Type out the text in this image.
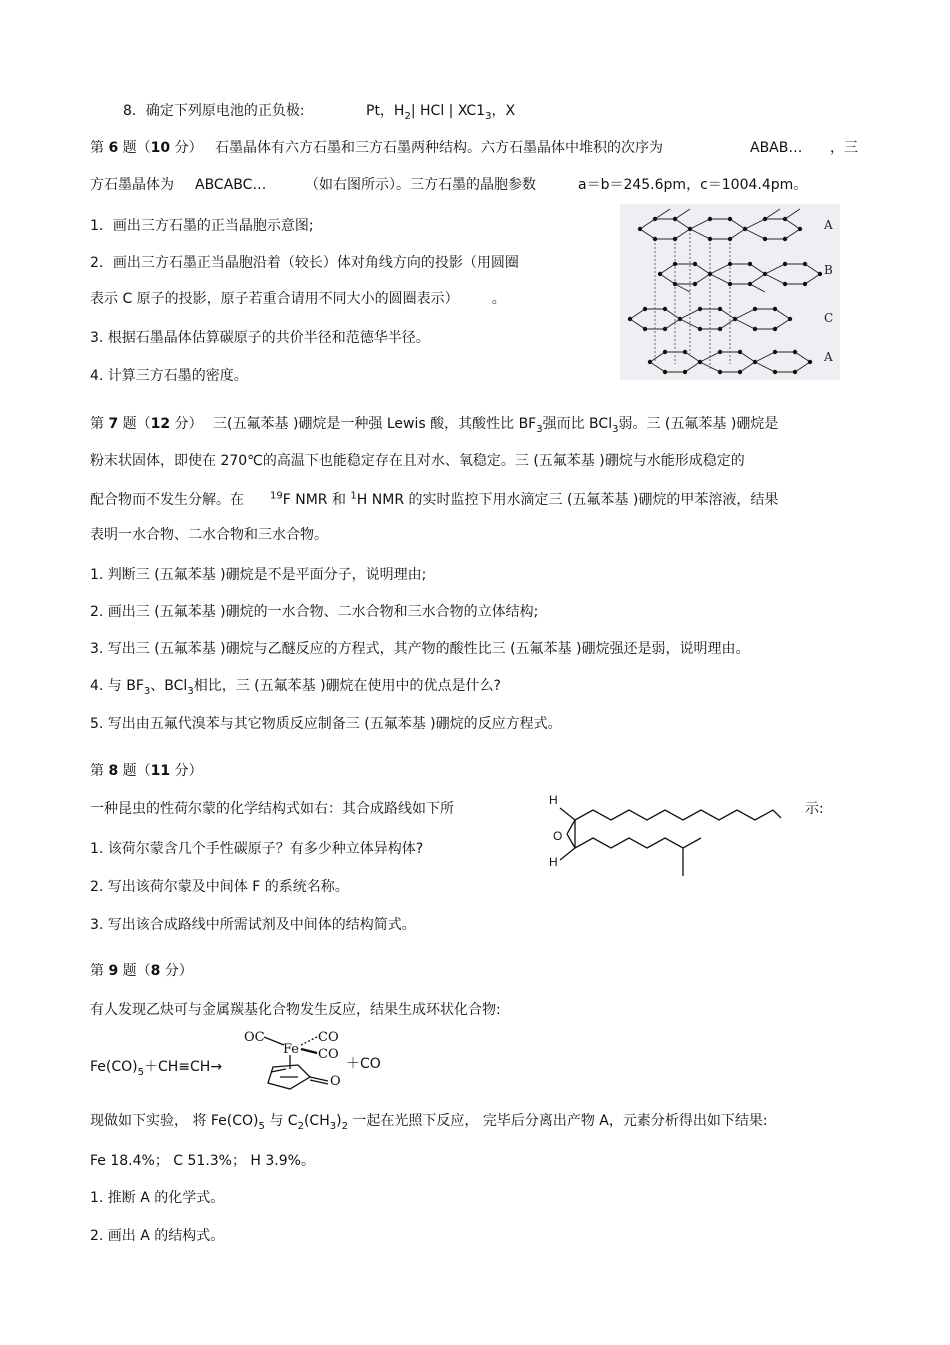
8．确定下列原电池的正负极:	Pt，$H_2|$ HCl | $XC1_3$，X
第 6 题（10 分） 石墨晶体有六方石墨和三方石墨两种结构。六方石墨晶体中堆积的次序为	ABAB… ，三
方石墨晶体为 ABCABC…	（如右图所示）。三方石墨的晶胞参数	a＝b＝245.6pm，c＝1004.4pm。
1．画出三方石墨的正当晶胞示意图;
2．画出三方石墨正当晶胞沿着（较长）体对角线方向的投影（用圆圈
表示 C 原子的投影，原子若重合请用不同大小的圆圈表示）	。
3. 根据石墨晶体估算碳原子的共价半径和范德华半径。
4. 计算三方石墨的密度。
A
B
C
A
第 7 题（12 分） 三(五氟苯基 )硼烷是一种强 Lewis 酸，其酸性比 $BF_3$强而比 BCl$_3$弱。三 (五氟苯基 )硼烷是
粉末状固体，即使在 270℃的高温下也能稳定存在且对水、氧稳定。三 (五氟苯基 )硼烷与水能形成稳定的
配合物而不发生分解。在	$^{19}$F NMR 和 $^1$H NMR 的实时监控下用水滴定三 (五氟苯基 )硼烷的甲苯溶液，结果
表明一水合物、二水合物和三水合物。
1. 判断三 (五氟苯基 )硼烷是不是平面分子，说明理由;
2. 画出三 (五氟苯基 )硼烷的一水合物、二水合物和三水合物的立体结构;
3. 写出三 (五氟苯基 )硼烷与乙醚反应的方程式，其产物的酸性比三 (五氟苯基 )硼烷强还是弱，说明理由。
4. 与 $BF_3$、BCl$_3$相比，三 (五氟苯基 )硼烷在使用中的优点是什么?
5. 写出由五氟代溴苯与其它物质反应制备三 (五氟苯基 )硼烷的反应方程式。
第 8 题（11 分）
一种昆虫的性荷尔蒙的化学结构式如右：其合成路线如下所	示:
1. 该荷尔蒙含几个手性碳原子？有多少种立体异构体?
2. 写出该荷尔蒙及中间体 F 的系统名称。
3. 写出该合成路线中所需试剂及中间体的结构简式。
H
O
H
第 9 题（8 分）
有人发现乙炔可与金属羰基化合物发生反应，结果生成环状化合物:
$Fe(CO)_5+CH\equiv CH\to$
OC
Fe
CO
CO
O
＋CO
现做如下实验， 将 $Fe(CO)_5$ 与 $C_2(CH_3)_2$ 一起在光照下反应， 完毕后分离出产物 A，元素分析得出如下结果:
Fe 18.4%； C 51.3%； H 3.9%。
1. 推断 A 的化学式。
2. 画出 A 的结构式。
